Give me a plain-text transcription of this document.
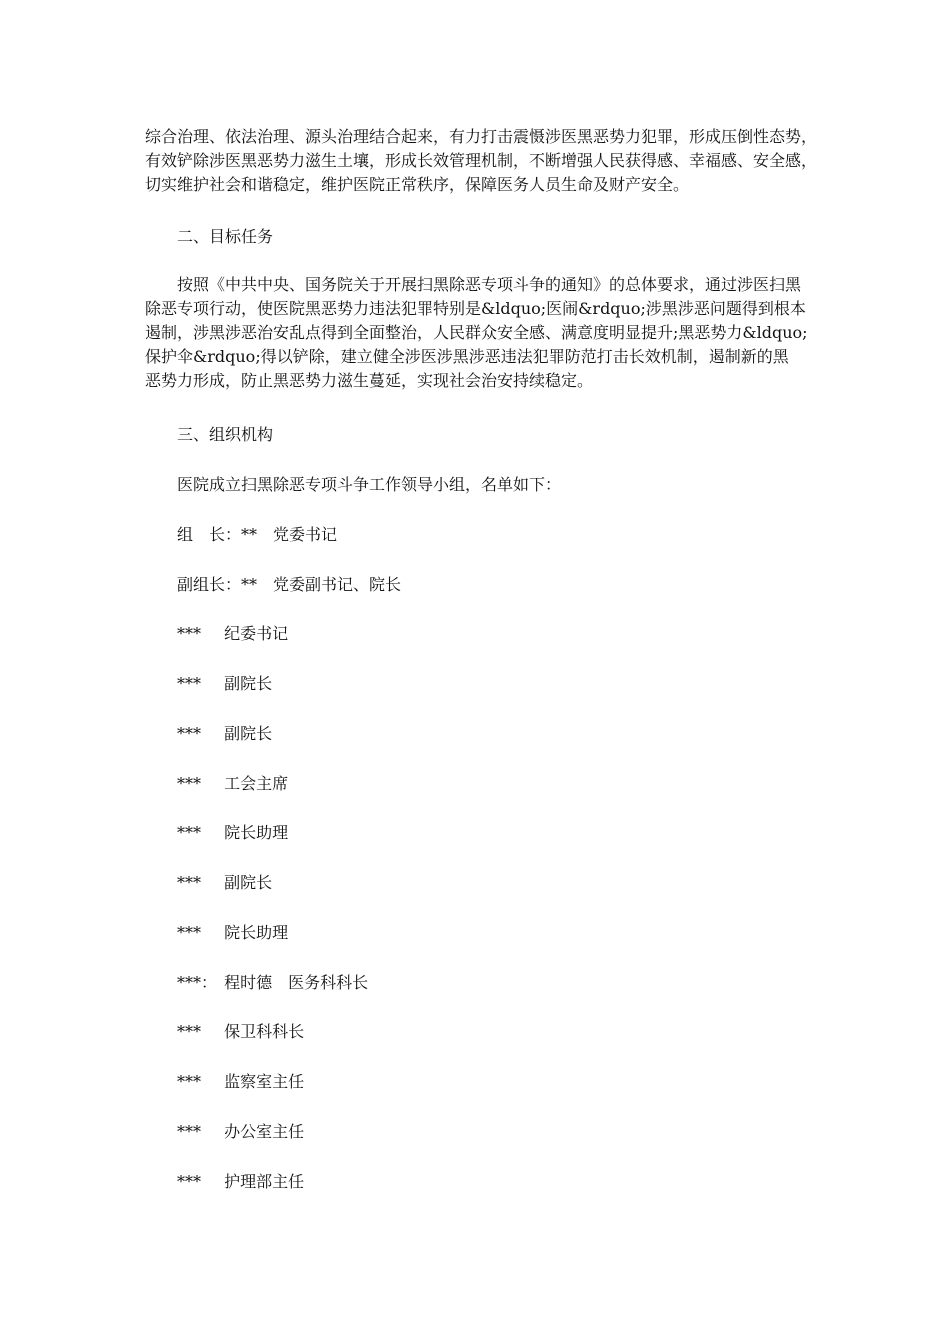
综合治理、依法治理、源头治理结合起来，有力打击震慑涉医黑恶势力犯罪，形成压倒性态势，
有效铲除涉医黑恶势力滋生土壤，形成长效管理机制，不断增强人民获得感、幸福感、安全感，
切实维护社会和谐稳定，维护医院正常秩序，保障医务人员生命及财产安全。

二、目标任务

按照《中共中央、国务院关于开展扫黑除恶专项斗争的通知》的总体要求，通过涉医扫黑
除恶专项行动，使医院黑恶势力违法犯罪特别是&ldquo;医闹&rdquo;涉黑涉恶问题得到根本
遏制，涉黑涉恶治安乱点得到全面整治，人民群众安全感、满意度明显提升;黑恶势力&ldquo;
保护伞&rdquo;得以铲除，建立健全涉医涉黑涉恶违法犯罪防范打击长效机制，遏制新的黑
恶势力形成，防止黑恶势力滋生蔓延，实现社会治安持续稳定。

三、组织机构

医院成立扫黑除恶专项斗争工作领导小组，名单如下：

组　长：**　党委书记

副组长：**　党委副书记、院长

*** 纪委书记

*** 副院长

*** 副院长

*** 工会主席

*** 院长助理

*** 副院长

*** 院长助理

***： 程时德　医务科科长

*** 保卫科科长

*** 监察室主任

*** 办公室主任

*** 护理部主任
